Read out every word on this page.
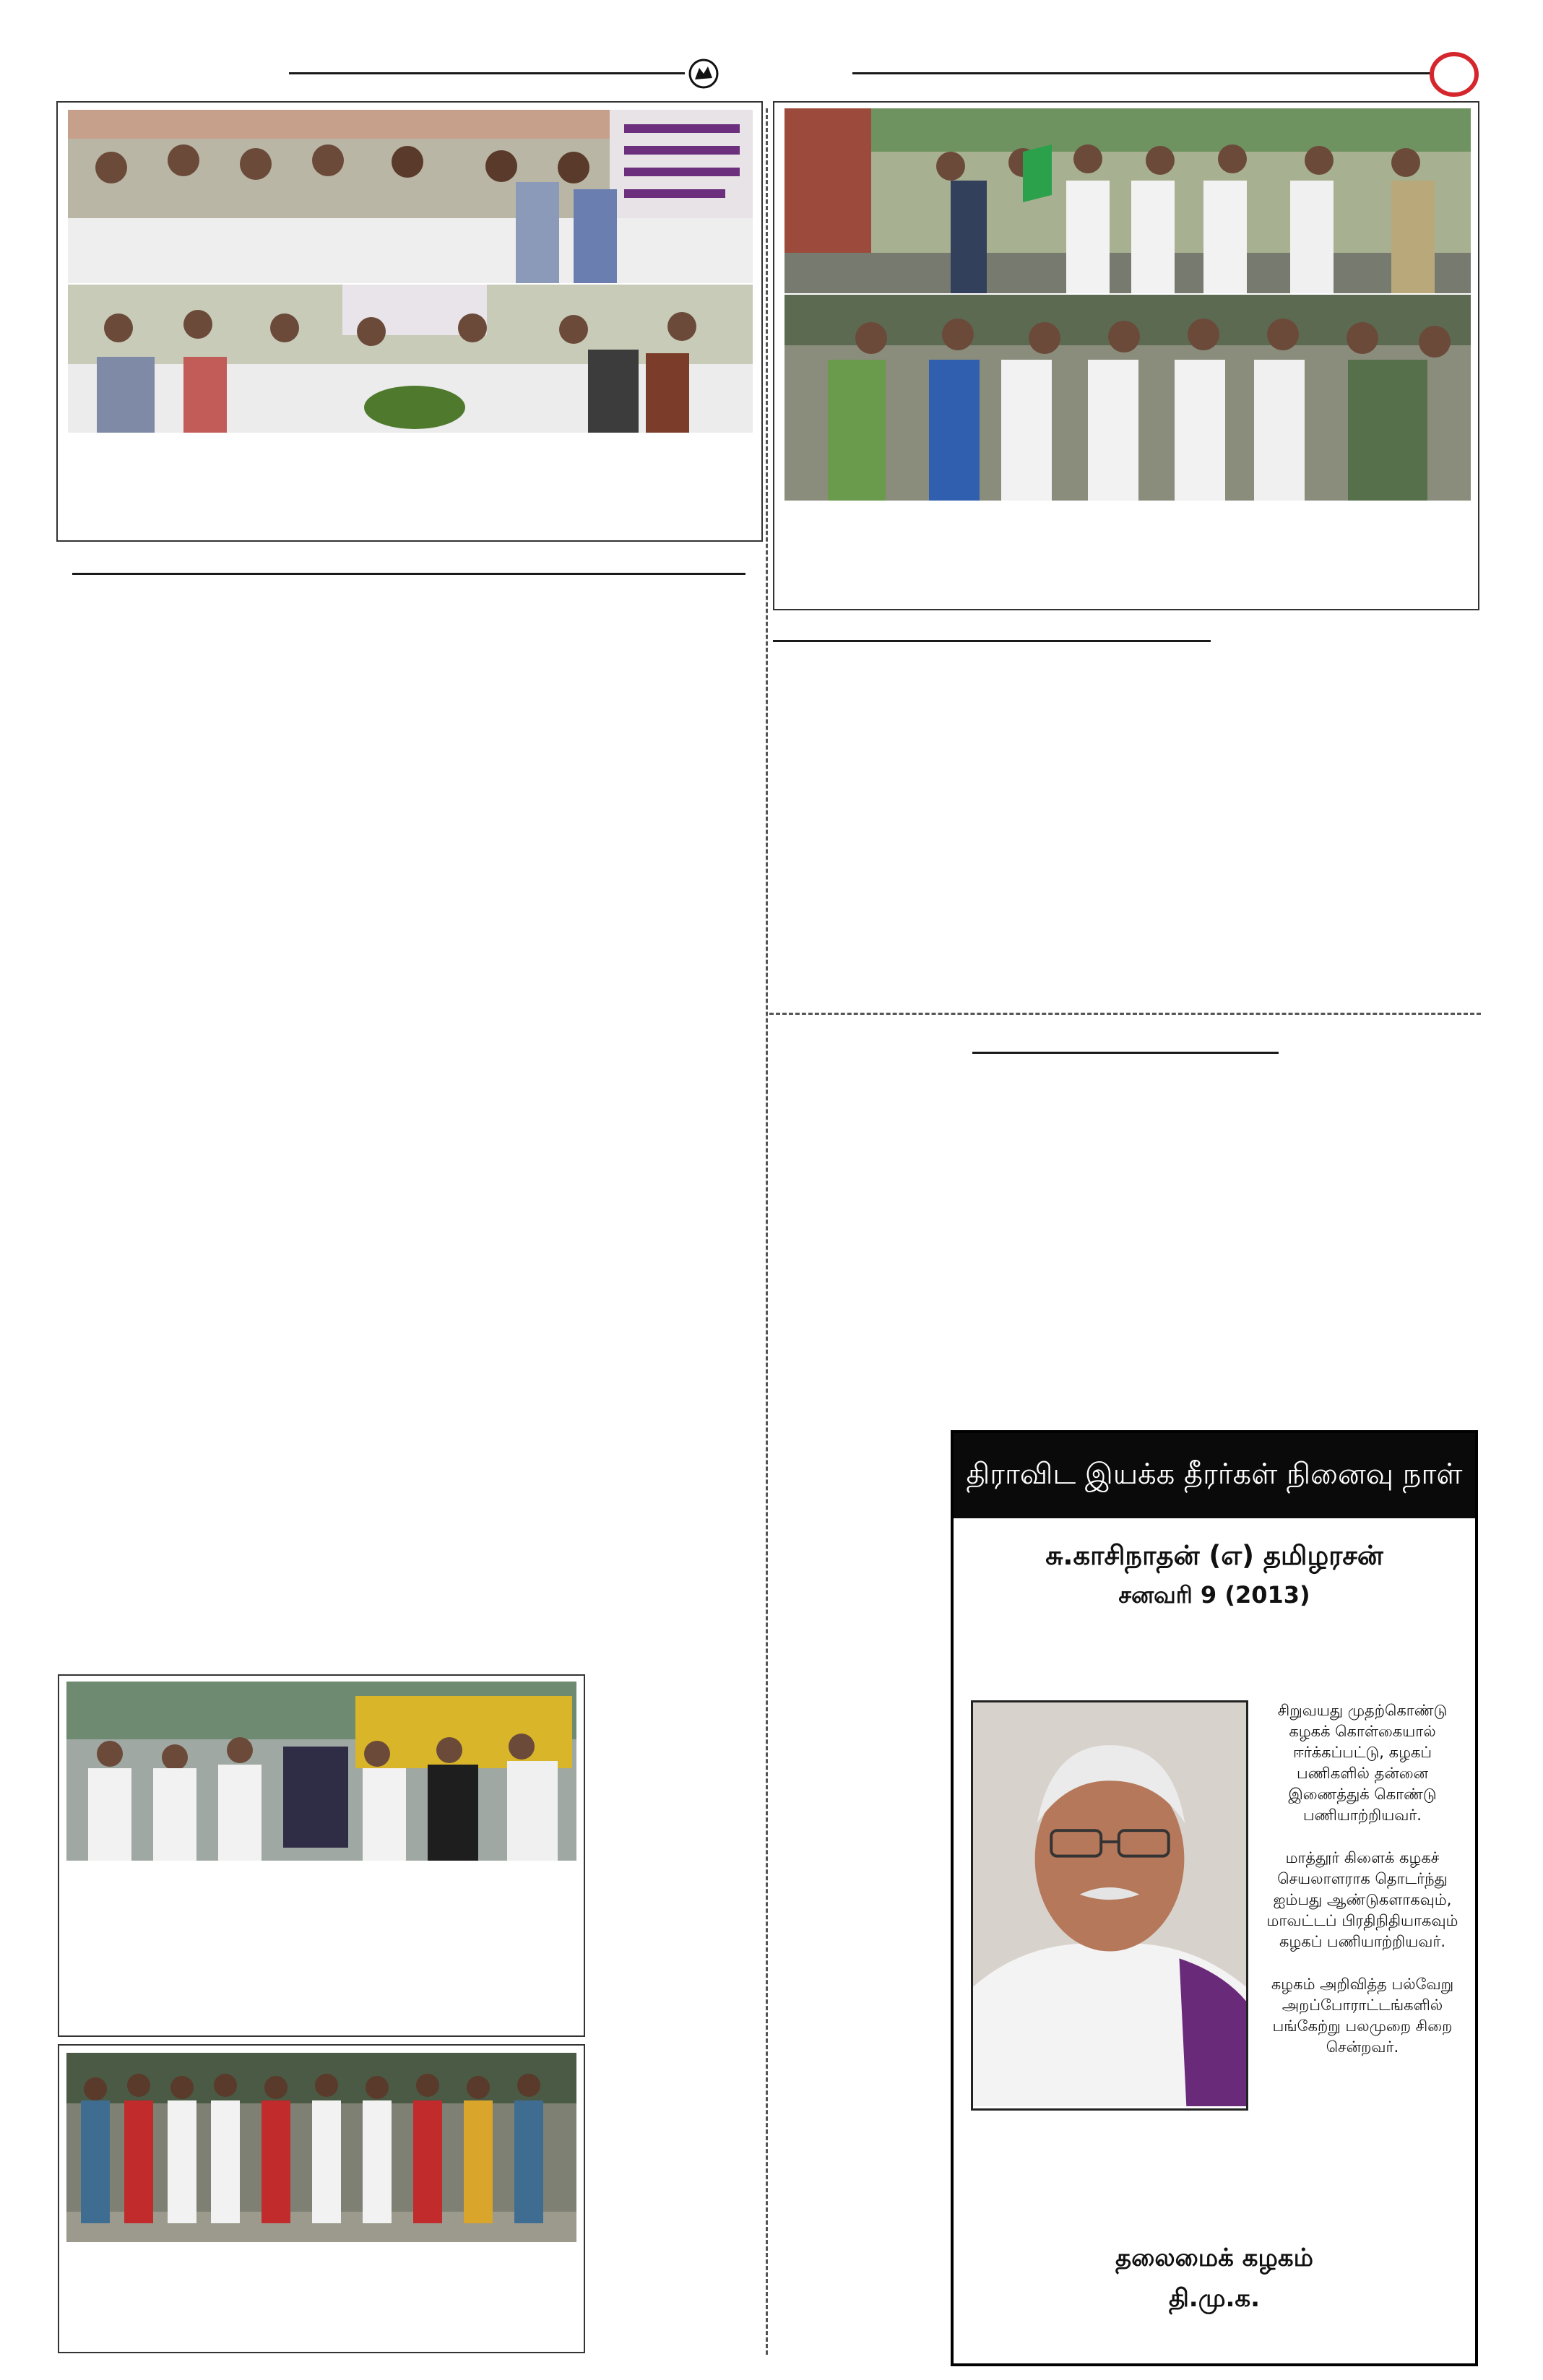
திராவிட இயக்க தீரர்கள் நினைவு நாள்
சு.காசிநாதன் (எ) தமிழரசன்
சனவரி 9 (2013)

சிறுவயது முதற்கொண்டு கழகக் கொள்கையால் ஈர்க்கப்பட்டு, கழகப் பணிகளில் தன்னை இணைத்துக் கொண்டு பணியாற்றியவர்.

மாத்தூர் கிளைக் கழகச் செயலாளராக தொடர்ந்து ஐம்பது ஆண்டுகளாகவும், மாவட்டப் பிரதிநிதியாகவும் கழகப் பணியாற்றியவர்.

கழகம் அறிவித்த பல்வேறு அறப்போராட்டங்களில் பங்கேற்று பலமுறை சிறை சென்றவர்.

தலைமைக் கழகம்
தி.மு.க.
